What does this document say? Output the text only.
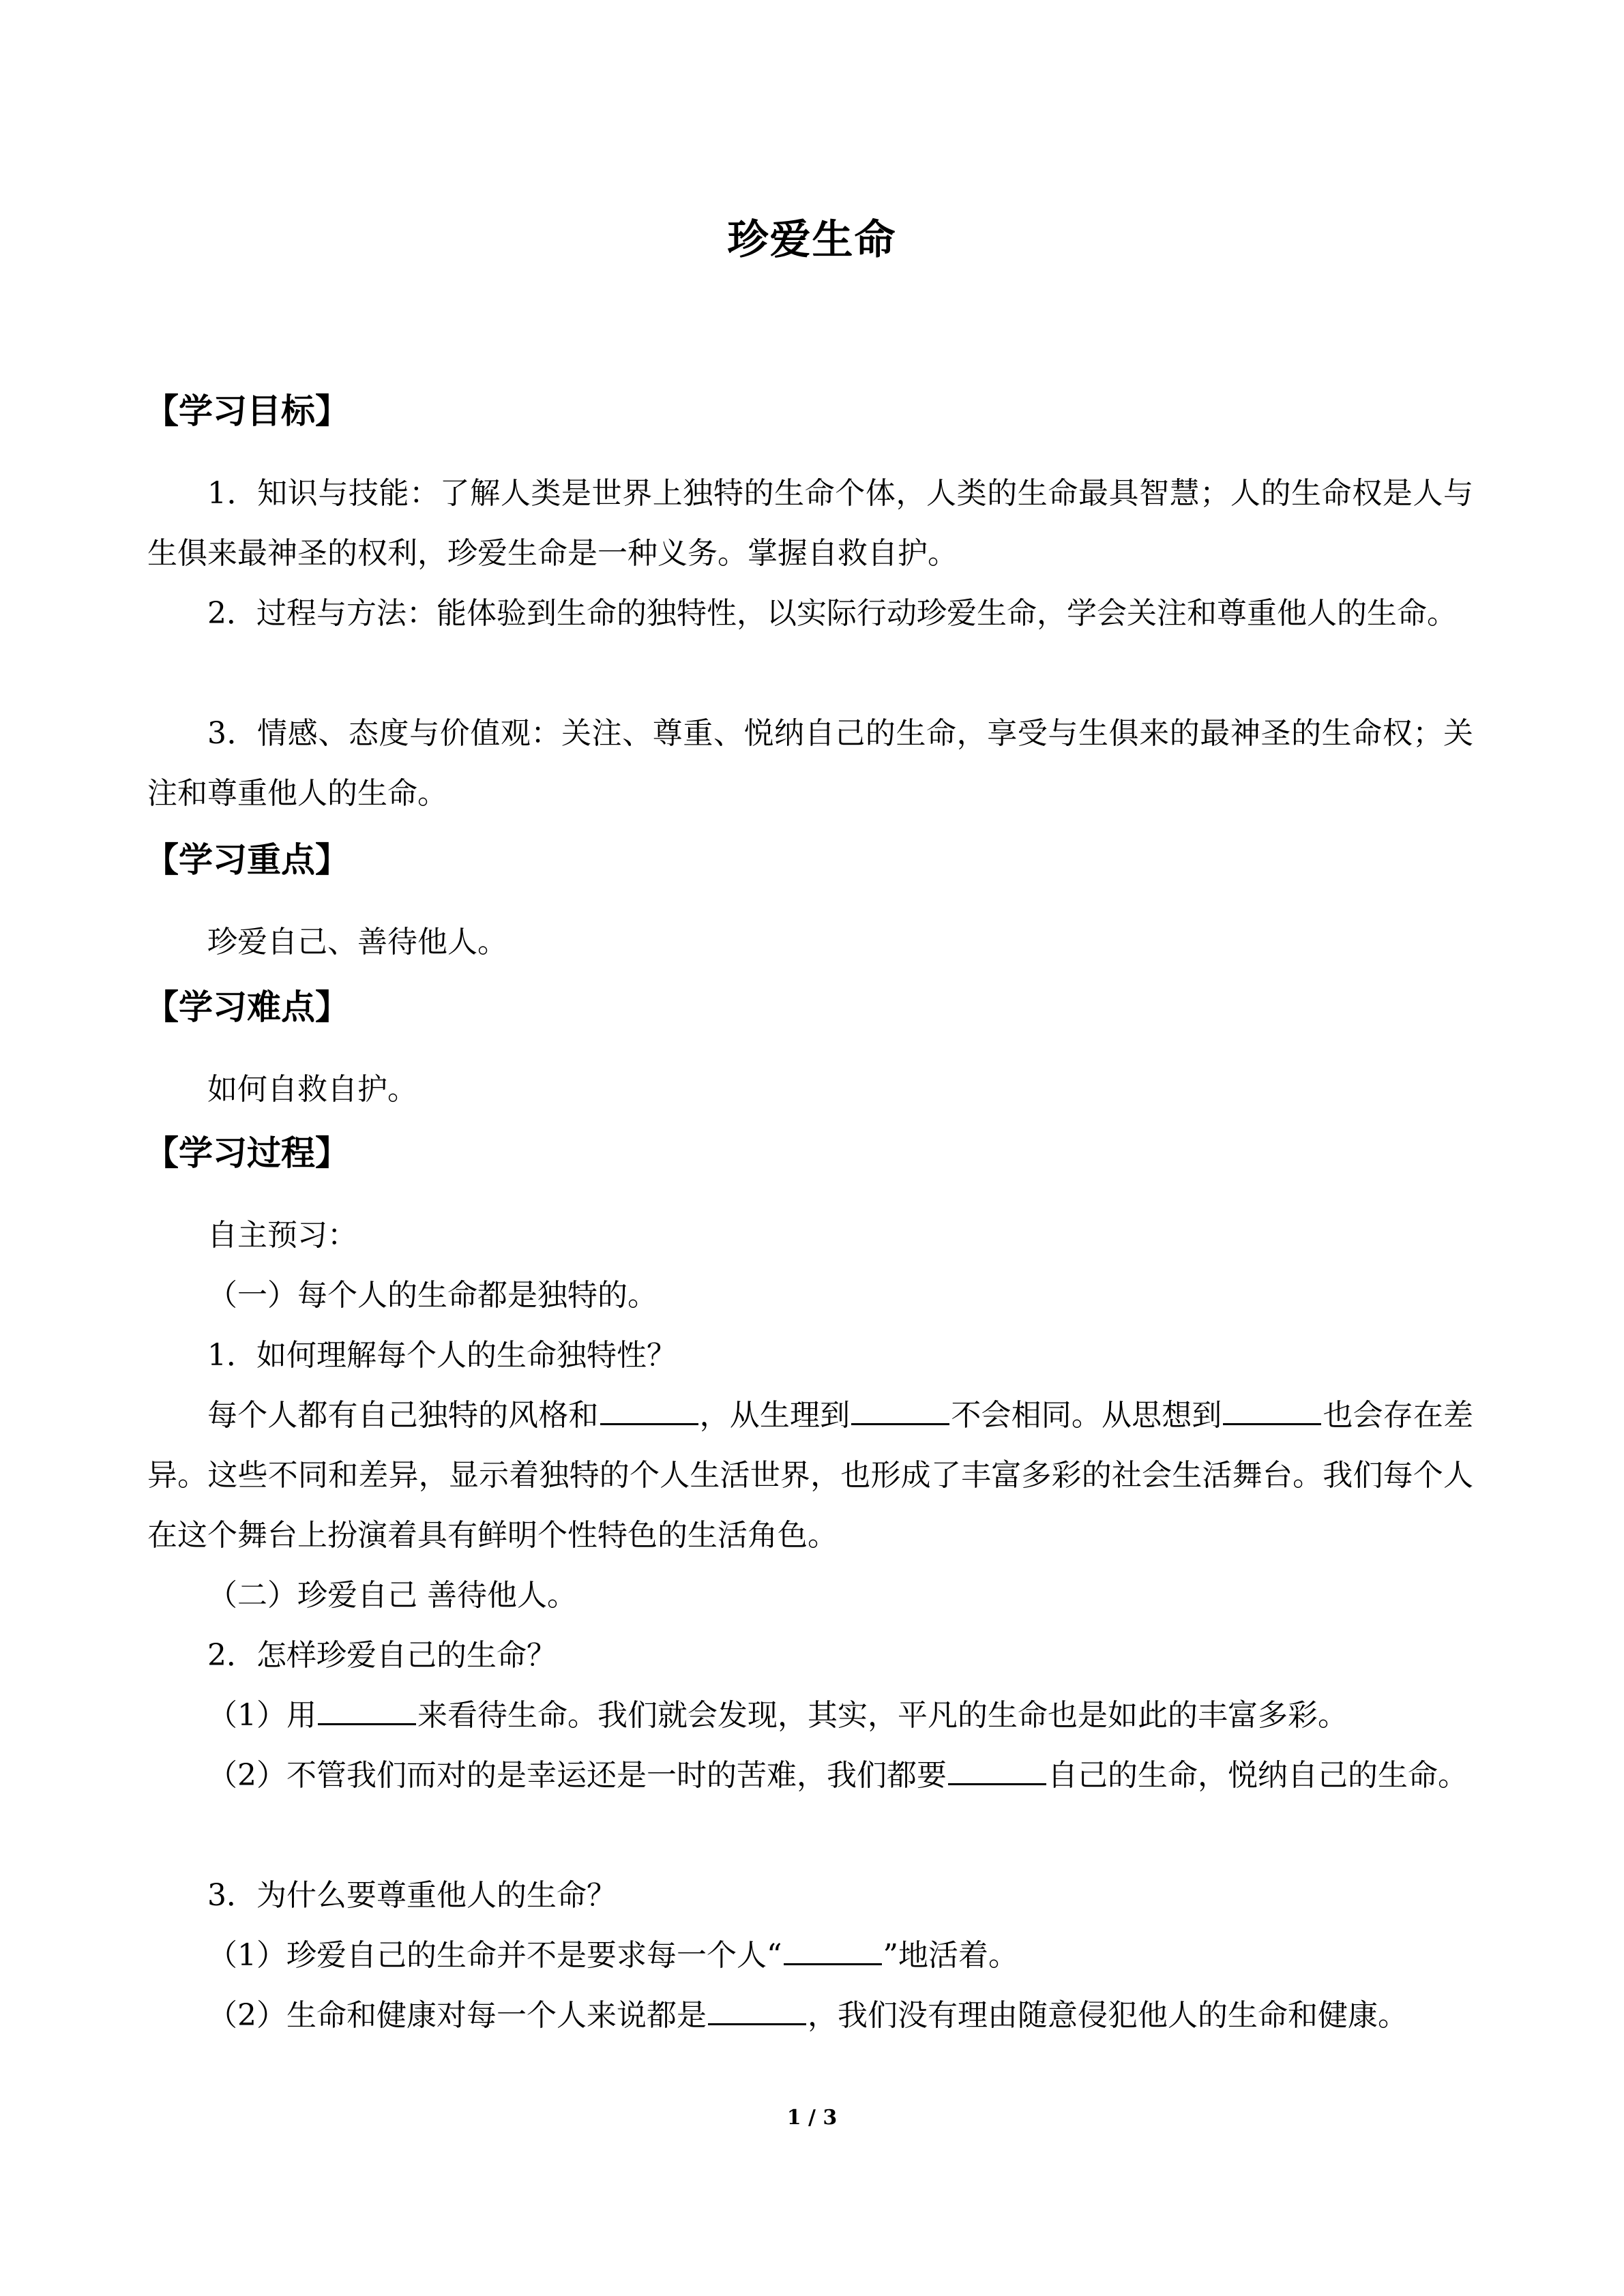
珍爱生命
【学习目标】

1．知识与技能：了解人类是世界上独特的生命个体，人类的生命最具智慧；人的生命权是人与生俱来最神圣的权利，珍爱生命是一种义务。掌握自救自护。

2．过程与方法：能体验到生命的独特性，以实际行动珍爱生命，学会关注和尊重他人的生命。

3．情感、态度与价值观：关注、尊重、悦纳自己的生命，享受与生俱来的最神圣的生命权；关注和尊重他人的生命。

【学习重点】

珍爱自己、善待他人。

【学习难点】

如何自救自护。

【学习过程】

自主预习：

（一）每个人的生命都是独特的。

1．如何理解每个人的生命独特性？

每个人都有自己独特的风格和	，从生理到	不会相同。从思想到	也会存在差异。这些不同和差异，显示着独特的个人生活世界，也形成了丰富多彩的社会生活舞台。我们每个人在这个舞台上扮演着具有鲜明个性特色的生活角色。

（二）珍爱自己 善待他人。

2．怎样珍爱自己的生命？

（1）用	来看待生命。我们就会发现，其实，平凡的生命也是如此的丰富多彩。

（2）不管我们而对的是幸运还是一时的苦难，我们都要	自己的生命，悦纳自己的生命。

3．为什么要尊重他人的生命？

（1）珍爱自己的生命并不是要求每一个人“	”地活着。

（2）生命和健康对每一个人来说都是	，我们没有理由随意侵犯他人的生命和健康。

1 / 3
